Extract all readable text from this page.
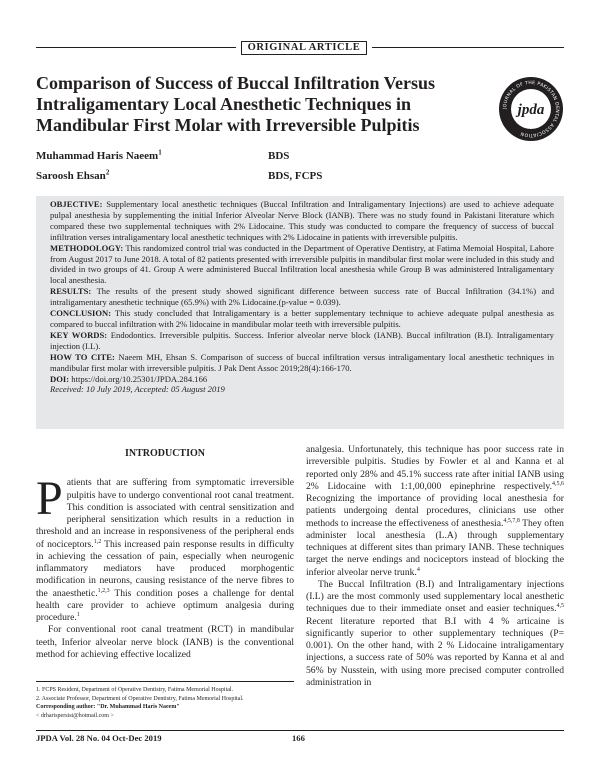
ORIGINAL ARTICLE
Comparison of Success of Buccal Infiltration Versus Intraligamentary Local Anesthetic Techniques in Mandibular First Molar with Irreversible Pulpitis
JOURNAL OF THE PAKISTAN DENTAL ASSOCIATION
jpda
Muhammad Haris Naeem$^1$	BDS
Saroosh Ehsan$^2$	BDS, FCPS

OBJECTIVE: Supplementary local anesthetic techniques (Buccal Infiltration and Intraligamentary Injections) are used to achieve adequate pulpal anesthesia by supplementing the initial Inferior Alveolar Nerve Block (IANB). There was no study found in Pakistani literature which compared these two supplemental techniques with 2% Lidocaine. This study was conducted to compare the frequency of success of buccal infiltration verses intraligamentary local anesthetic techniques with 2% Lidocaine in patients with irreversible pulpitis.

METHODOLOGY: This randomized control trial was conducted in the Department of Operative Dentistry, at Fatima Memoial Hospital, Lahore from August 2017 to June 2018. A total of 82 patients presented with irreversible pulpitis in mandibular first molar were included in this study and divided in two groups of 41. Group A were administered Buccal Infiltration local anesthesia while Group B was administered Intraligamentary local anesthesia.

RESULTS: The results of the present study showed significant difference between success rate of Buccal Infiltration (34.1%) and intraligamentary anesthetic technique (65.9%) with 2% Lidocaine.(p-value = 0.039).

CONCLUSION: This study concluded that Intraligamentary is a better supplementary technique to achieve adequate pulpal anesthesia as compared to buccal infiltration with 2% lidocaine in mandibular molar teeth with irreversible pulpitis.

KEY WORDS: Endodontics. Irreversible pulpitis. Success. Inferior alveolar nerve block (IANB). Buccal infiltration (B.I). Intraligamentary injection (I.L).

HOW TO CITE: Naeem MH, Ehsan S. Comparison of success of buccal infiltration versus intraligamentary local anesthetic techniques in mandibular first molar with irreversible pulpitis. J Pak Dent Assoc 2019;28(4):166-170.

DOI: https://doi.org/10.25301/JPDA.284.166

Received: 10 July 2019, Accepted: 05 August 2019

INTRODUCTION

Patients that are suffering from symptomatic irreversible pulpitis have to undergo conventional root canal treatment. This condition is associated with central sensitization and peripheral sensitization which results in a reduction in threshold and an increase in responsiveness of the peripheral ends of nociceptors.$^{1,2}$ This increased pain response results in difficulty in achieving the cessation of pain, especially when neurogenic inflammatory mediators have produced morphogentic modification in neurons, causing resistance of the nerve fibres to the anaesthetic.$^{1,2,3}$ This condition poses a challenge for dental health care provider to achieve optimum analgesia during procedure.$^1$

For conventional root canal treatment (RCT) in mandibular teeth, Inferior alveolar nerve block (IANB) is the conventional method for achieving effective localized

analgesia. Unfortunately, this technique has poor success rate in irreversible pulpitis. Studies by Fowler et al and Kanna et al reported only 28% and 45.1% success rate after initial IANB using 2% Lidocaine with 1:1,00,000 epinephrine respectively.$^{4,5,6}$ Recognizing the importance of providing local anesthesia for patients undergoing dental procedures, clinicians use other methods to increase the effectiveness of anesthesia.$^{4,5,7,8}$ They often administer local anesthesia (L.A) through supplementary techniques at different sites than primary IANB. These techniques target the nerve endings and nociceptors instead of blocking the inferior alveolar nerve trunk.$^4$

The Buccal Infiltration (B.I) and Intraligamentary injections (I.L) are the most commonly used supplementary local anesthetic techniques due to their immediate onset and easier techniques.$^{4,5}$ Recent literature reported that B.I with 4 % articaine is significantly superior to other supplementary techniques (P= 0.001). On the other hand, with 2 % Lidocaine intraligamentary injections, a success rate of 50% was reported by Kanna et al and 56% by Nusstein, with using more precised computer controlled administration in

1. FCPS Resident, Department of Operative Dentistry, Fatima Memorial Hospital.

2. Associate Professor, Department of Operative Dentistry, Fatima Memorial Hospital.

Corresponding author: "Dr. Muhammad Haris Naeem"

< drharispersist@hotmail.com >

JPDA Vol. 28 No. 04 Oct-Dec 2019	166
